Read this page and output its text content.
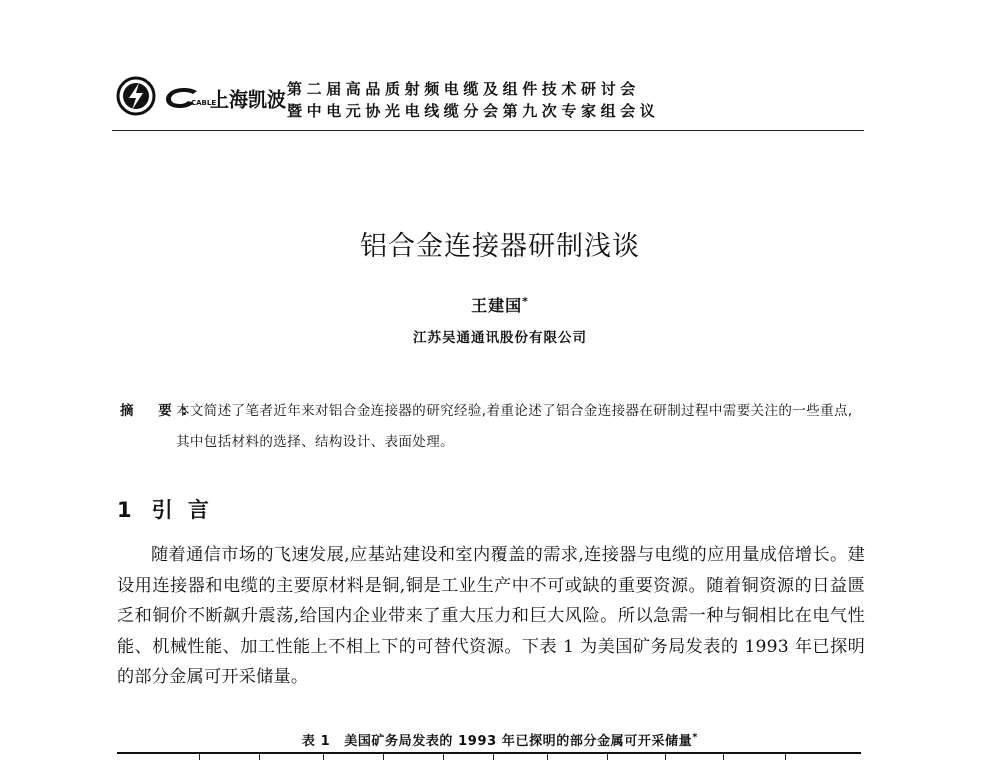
CABLE
上海凯波 第二届高品质射频电缆及组件技术研讨会
暨中电元协光电线缆分会第九次专家组会议
铝合金连接器研制浅谈
王建国*
江苏吴通通讯股份有限公司
摘 要:
本文简述了笔者近年来对铝合金连接器的研究经验,着重论述了铝合金连接器在研制过程中需要关注的一些重点,其中包括材料的选择、结构设计、表面处理。
1 引 言
随着通信市场的飞速发展,应基站建设和室内覆盖的需求,连接器与电缆的应用量成倍增长。建设用连接器和电缆的主要原材料是铜,铜是工业生产中不可或缺的重要资源。随着铜资源的日益匮乏和铜价不断飙升震荡,给国内企业带来了重大压力和巨大风险。所以急需一种与铜相比在电气性能、机械性能、加工性能上不相上下的可替代资源。下表 1 为美国矿务局发表的 1993 年已探明的部分金属可开采储量。
表 1 美国矿务局发表的 1993 年已探明的部分金属可开采储量*
